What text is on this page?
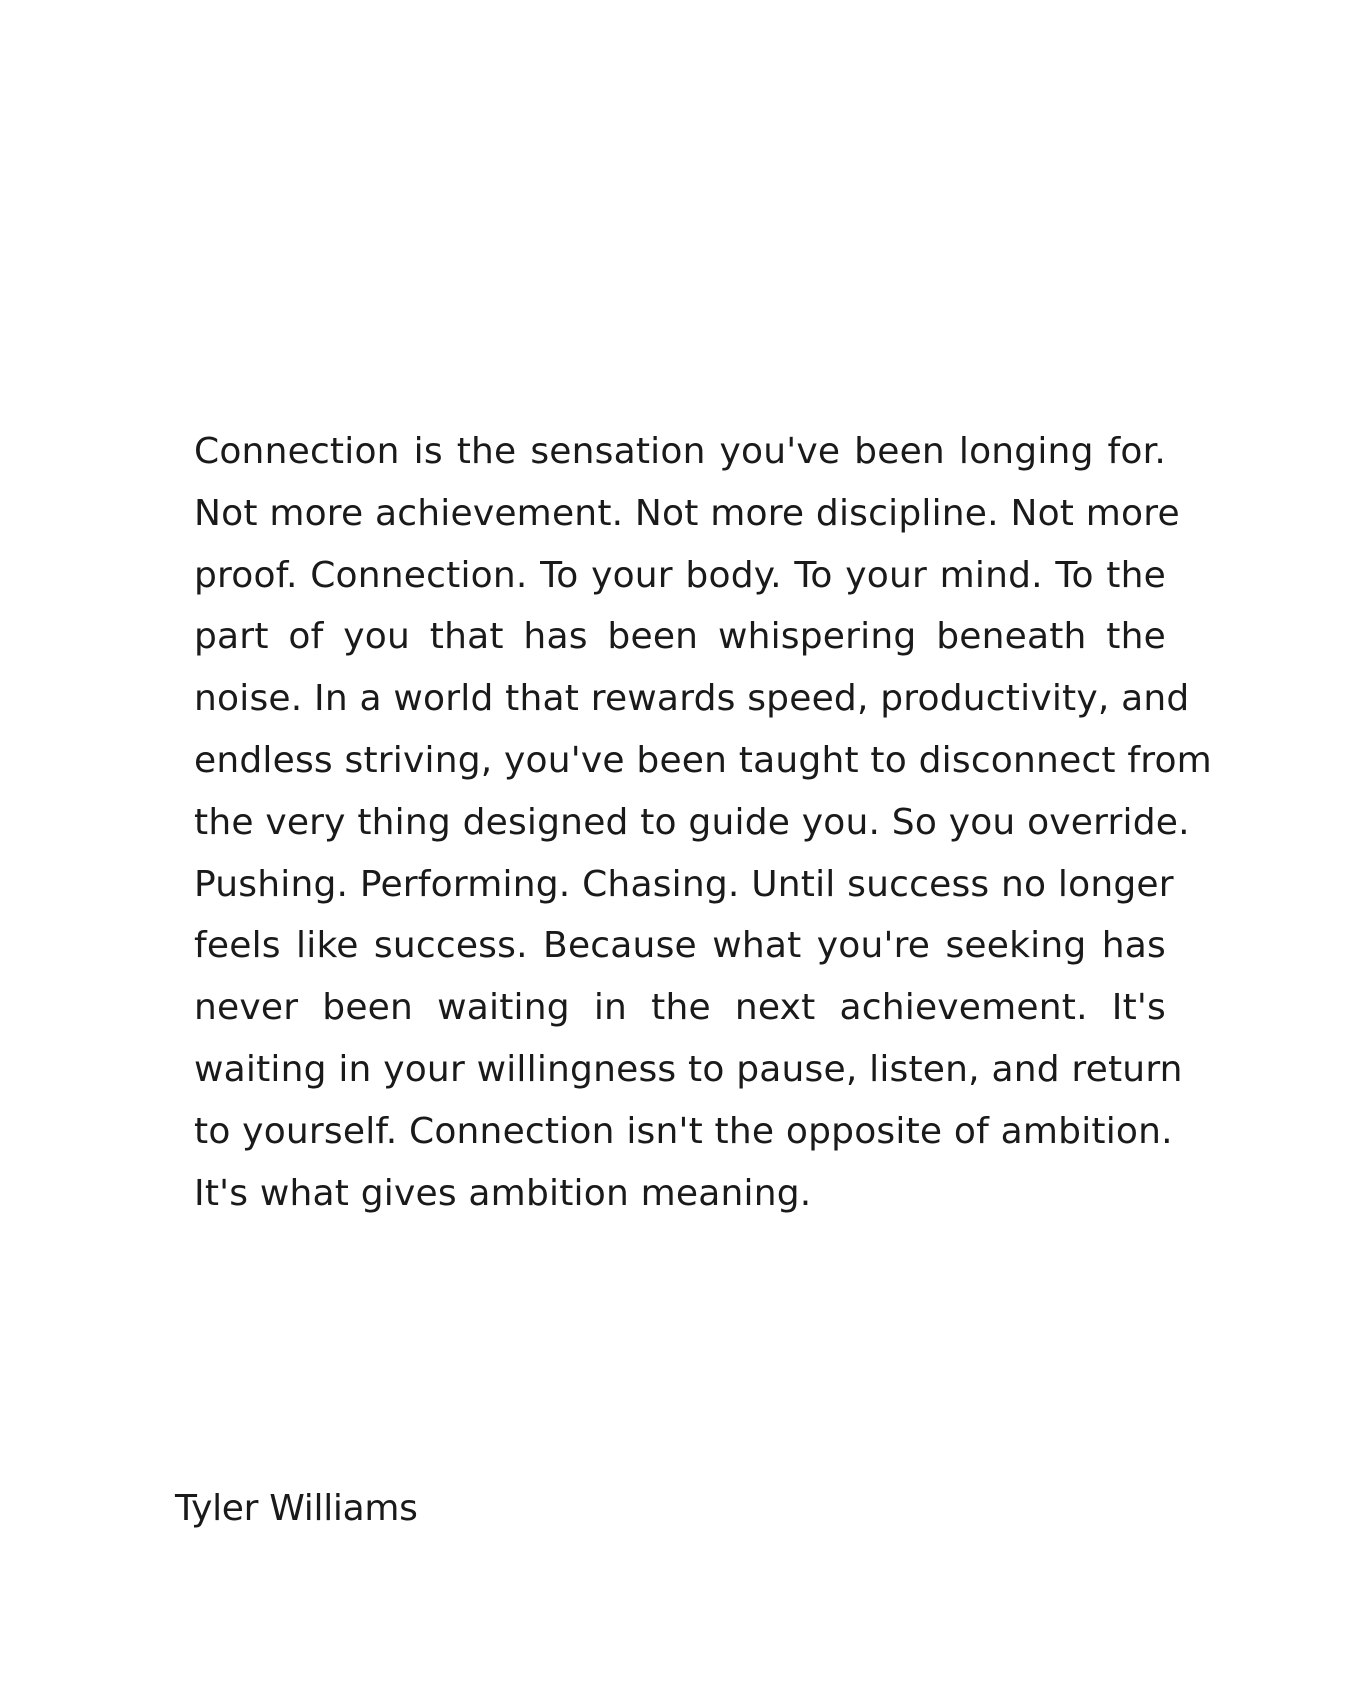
Connection is the sensation you've been longing for.
Not more achievement. Not more discipline. Not more
proof. Connection. To your body. To your mind. To the
part of you that has been whispering beneath the
noise. In a world that rewards speed, productivity, and
endless striving, you've been taught to disconnect from
the very thing designed to guide you. So you override.
Pushing. Performing. Chasing. Until success no longer
feels like success. Because what you're seeking has
never been waiting in the next achievement. It's
waiting in your willingness to pause, listen, and return
to yourself. Connection isn't the opposite of ambition.
It's what gives ambition meaning.

Tyler Williams
